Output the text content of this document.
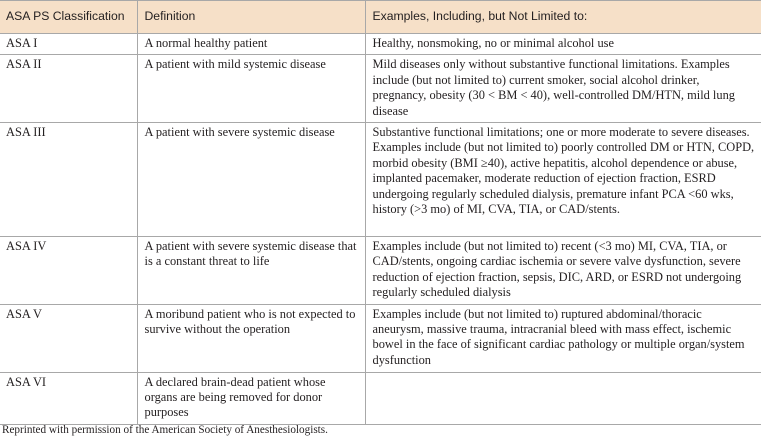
ASA PS Classification	Definition	Examples, Including, but Not Limited to:
ASA I	A normal healthy patient	Healthy, nonsmoking, no or minimal alcohol use
ASA II	A patient with mild systemic disease	Mild diseases only without substantive functional limitations. Examples include (but not limited to) current smoker, social alcohol drinker, pregnancy, obesity (30 < BM < 40), well-controlled DM/HTN, mild lung disease
ASA III	A patient with severe systemic disease	Substantive functional limitations; one or more moderate to severe diseases. Examples include (but not limited to) poorly controlled DM or HTN, COPD, morbid obesity (BMI ≥40), active hepatitis, alcohol dependence or abuse, implanted pacemaker, moderate reduction of ejection fraction, ESRD undergoing regularly scheduled dialysis, premature infant PCA <60 wks, history (>3 mo) of MI, CVA, TIA, or CAD/stents.
ASA IV	A patient with severe systemic disease that is a constant threat to life	Examples include (but not limited to) recent (<3 mo) MI, CVA, TIA, or CAD/stents, ongoing cardiac ischemia or severe valve dysfunction, severe reduction of ejection fraction, sepsis, DIC, ARD, or ESRD not undergoing regularly scheduled dialysis
ASA V	A moribund patient who is not expected to survive without the operation	Examples include (but not limited to) ruptured abdominal/thoracic aneurysm, massive trauma, intracranial bleed with mass effect, ischemic bowel in the face of significant cardiac pathology or multiple organ/system dysfunction
ASA VI	A declared brain-dead patient whose organs are being removed for donor purposes	
Reprinted with permission of the American Society of Anesthesiologists.
